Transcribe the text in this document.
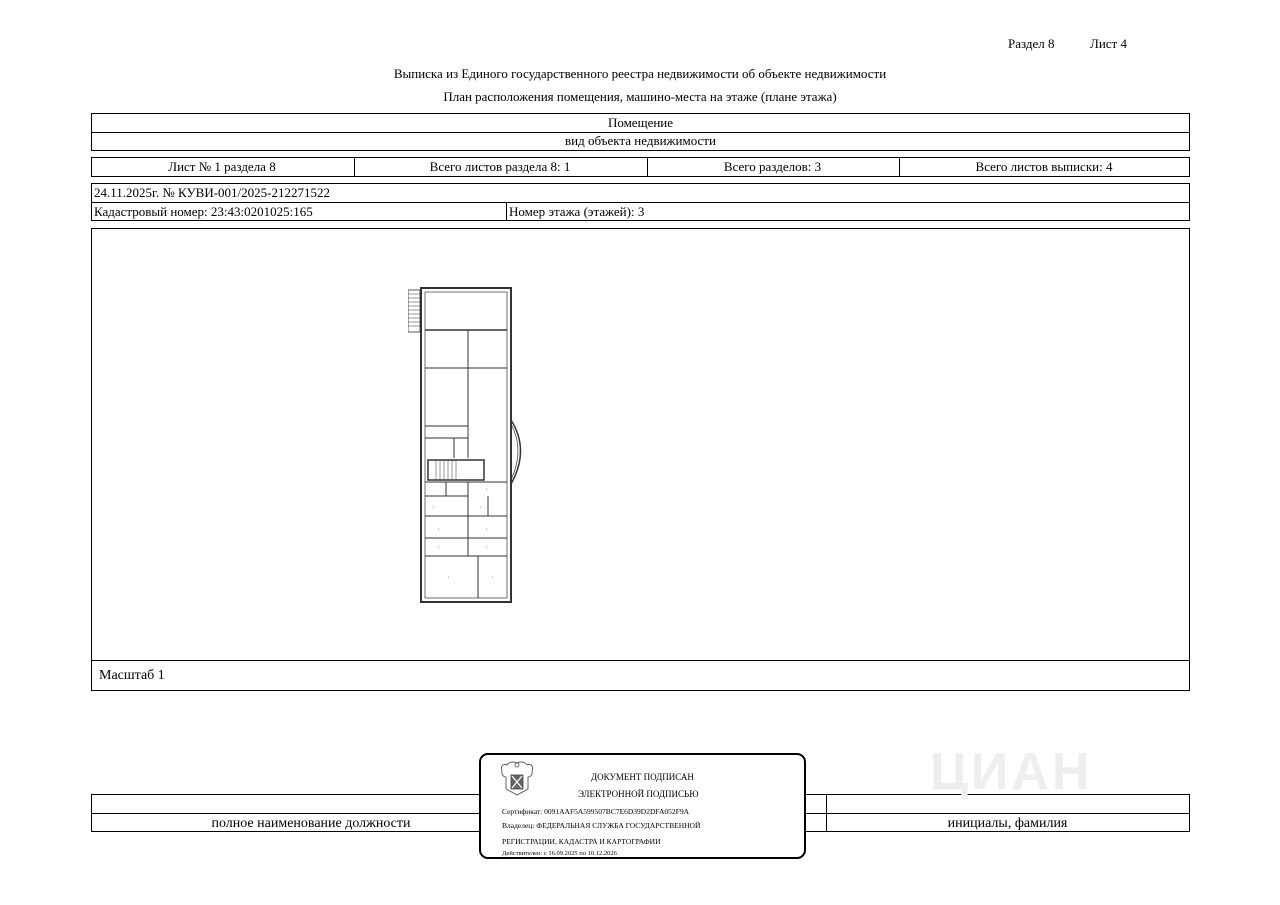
Раздел 8	Лист 4
Выписка из Единого государственного реестра недвижимости об объекте недвижимости
План расположения помещения, машино-места на этаже (плане этажа)
Помещение
вид объекта недвижимости
Лист № 1 раздела 8	Всего листов раздела 8: 1	Всего разделов: 3	Всего листов выписки: 4
24.11.2025г. № КУВИ-001/2025-212271522
Кадастровый номер: 23:43:0201025:165	Номер этажа (этажей): 3
Масштаб 1
▪	▪
▪	▪
▪	▪
▪	▪
▪
полное наименование должности	инициалы, фамилия
ЦИАН
ДОКУМЕНТ ПОДПИСАН
ЭЛЕКТРОННОЙ ПОДПИСЬЮ
Сертификат: 0091AAF5A599507BC7E6D39D2DFA052F9A
Владелец: ФЕДЕРАЛЬНАЯ СЛУЖБА ГОСУДАРСТВЕННОЙ
РЕГИСТРАЦИИ, КАДАСТРА И КАРТОГРАФИИ
Действителен: с 16.09.2025 по 10.12.2026
